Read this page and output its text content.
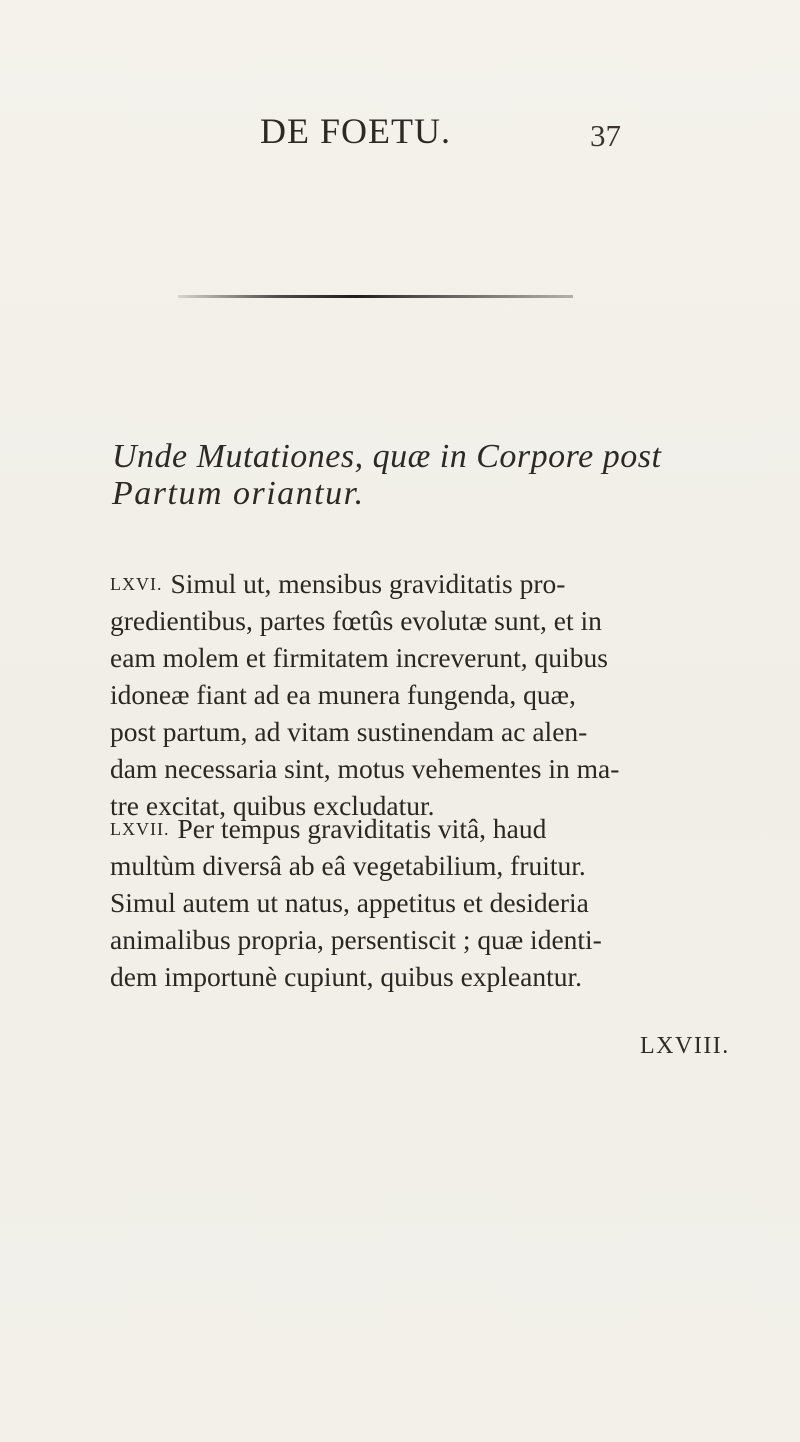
DE FOETU.	37
Unde Mutationes, quæ in Corpore post
Partum oriantur.
LXVI. Simul ut, mensibus graviditatis pro-
gredientibus, partes fœtûs evolutæ sunt, et in
eam molem et firmitatem increverunt, quibus
idoneæ fiant ad ea munera fungenda, quæ,
post partum, ad vitam sustinendam ac alen-
dam necessaria sint, motus vehementes in ma-
tre excitat, quibus excludatur.
LXVII. Per tempus graviditatis vitâ, haud
multùm diversâ ab eâ vegetabilium, fruitur.
Simul autem ut natus, appetitus et desideria
animalibus propria, persentiscit ; quæ identi-
dem importunè cupiunt, quibus expleantur.
LXVIII.
